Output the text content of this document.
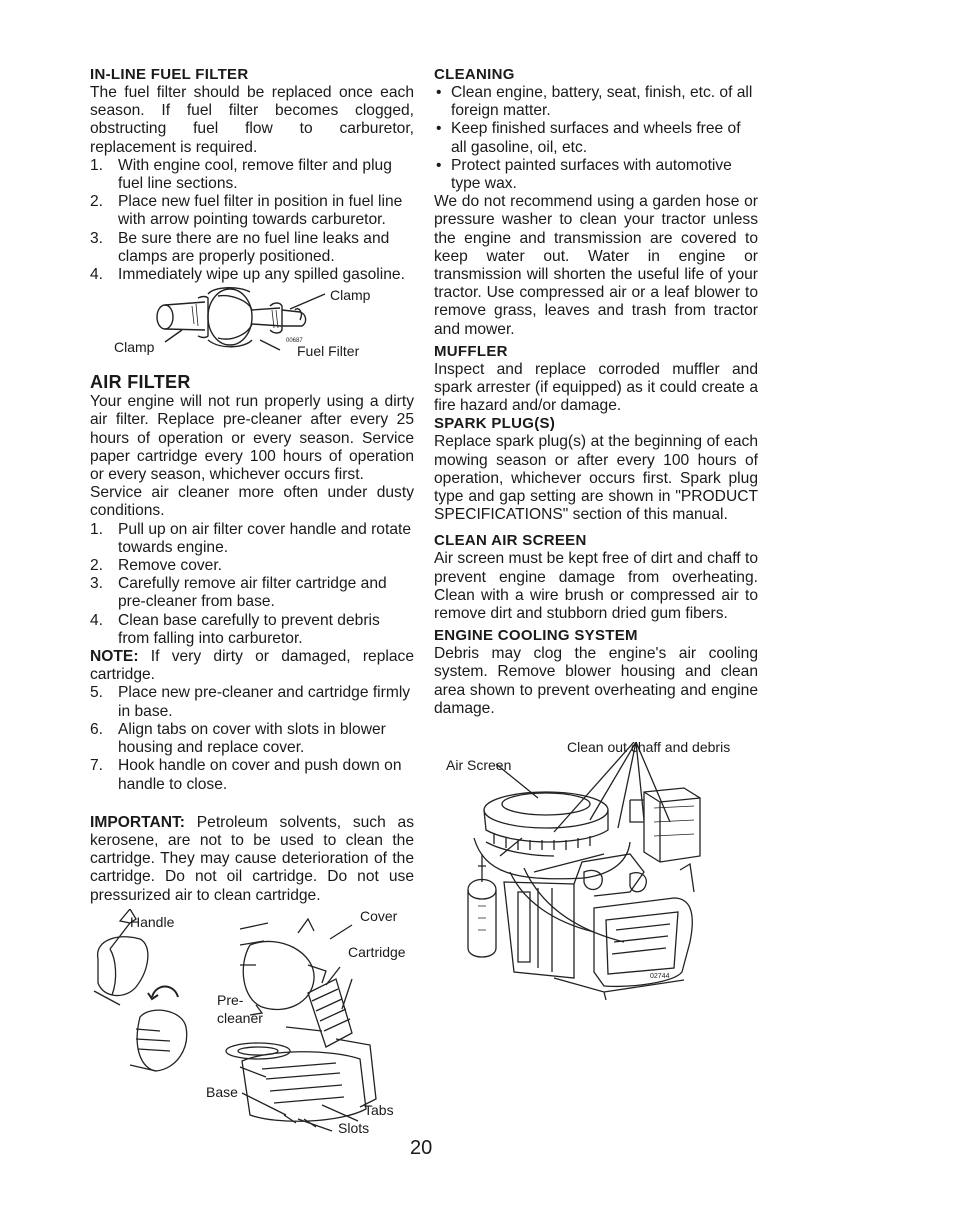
IN-LINE FUEL FILTER

The fuel filter should be replaced once each season. If fuel filter becomes clogged, obstructing fuel flow to carburetor, replacement is required.

1. With engine cool, remove filter and plug fuel line sections.
2. Place new fuel filter in position in fuel line with arrow pointing towards carburetor.
3. Be sure there are no fuel line leaks and clamps are properly positioned.
4. Immediately wipe up any spilled gasoline.
00687
Clamp
Clamp	Fuel Filter
AIR FILTER

Your engine will not run properly using a dirty air filter. Replace pre-cleaner after every 25 hours of operation or every season. Service paper cartridge every 100 hours of operation or every season, whichever occurs first.

Service air cleaner more often under dusty conditions.

1. Pull up on air filter cover handle and rotate towards engine.
2. Remove cover.
3. Carefully remove air filter cartridge and pre-cleaner from base.
4. Clean base carefully to prevent debris from falling into carburetor.

NOTE: If very dirty or damaged, replace cartridge.

5. Place new pre-cleaner and cartridge firmly in base.
6. Align tabs on cover with slots in blower housing and replace cover.
7. Hook handle on cover and push down on handle to close.

IMPORTANT: Petroleum solvents, such as kerosene, are not to be used to clean the cartridge. They may cause deterioration of the cartridge. Do not oil cartridge. Do not use pressurized air to clean cartridge.

Handle	Cover
Cartridge
Pre-
cleaner
Base
Tabs
Slots
CLEANING
• Clean engine, battery, seat, finish, etc. of all foreign matter.
• Keep finished surfaces and wheels free of all gasoline, oil, etc.
• Protect painted surfaces with automotive type wax.

We do not recommend using a garden hose or pressure washer to clean your tractor unless the engine and transmission are covered to keep water out. Water in engine or transmission will shorten the useful life of your tractor. Use compressed air or a leaf blower to remove grass, leaves and trash from tractor and mower.

MUFFLER

Inspect and replace corroded muffler and spark arrester (if equipped) as it could create a fire hazard and/or damage.

SPARK PLUG(S)

Replace spark plug(s) at the beginning of each mowing season or after every 100 hours of operation, whichever occurs first. Spark plug type and gap setting are shown in "PRODUCT SPECIFICATIONS" section of this manual.

CLEAN AIR SCREEN

Air screen must be kept free of dirt and chaff to prevent engine damage from overheating. Clean with a wire brush or compressed air to remove dirt and stubborn dried gum fibers.

ENGINE COOLING SYSTEM

Debris may clog the engine's air cooling system. Remove blower housing and clean area shown to prevent overheating and engine damage.

02744
Air Screen
Clean out chaff and debris
20
